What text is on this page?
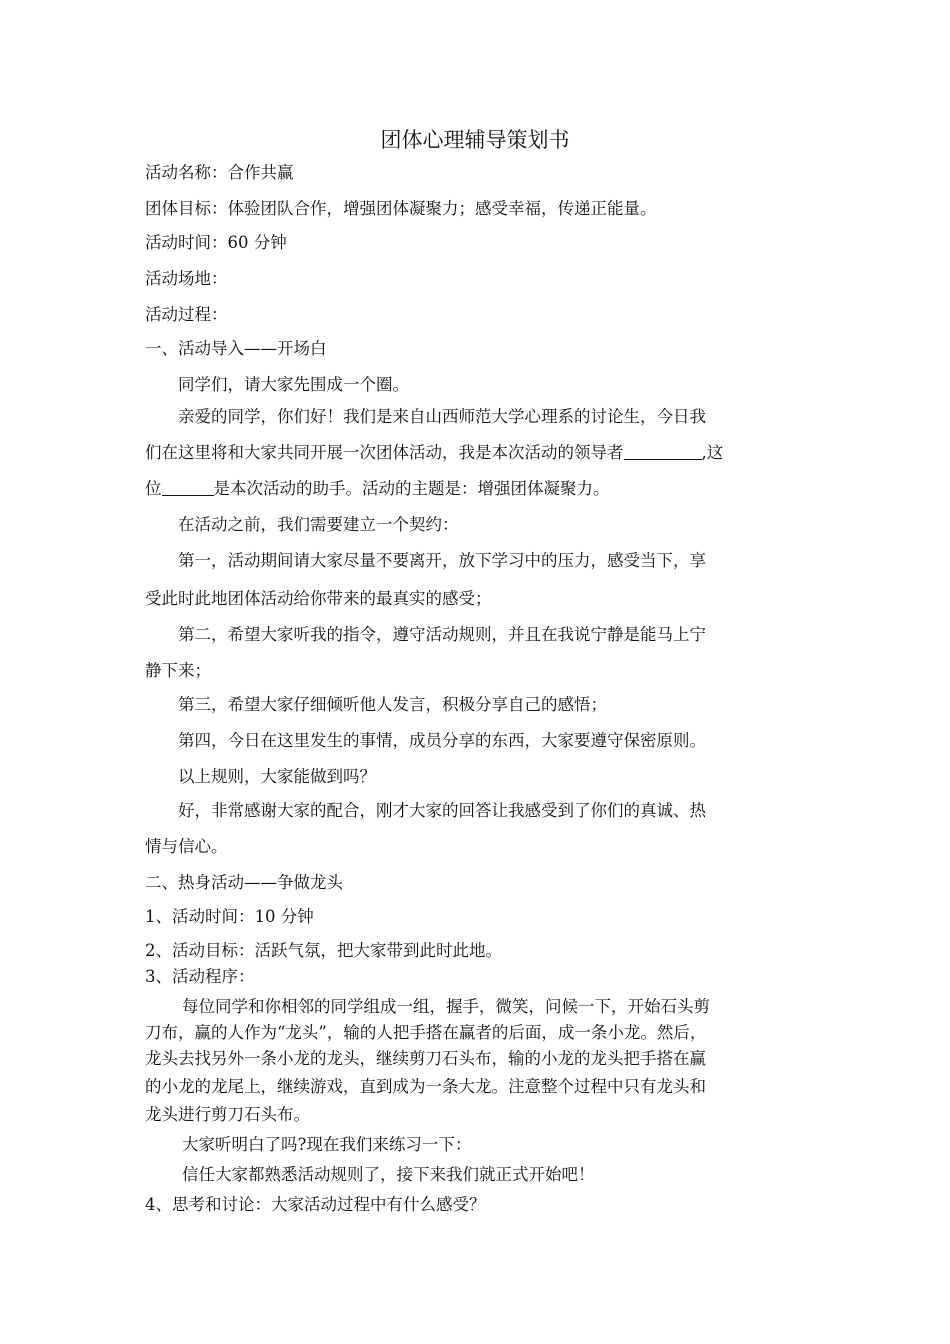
团体心理辅导策划书
活动名称：合作共赢
团体目标：体验团队合作，增强团体凝聚力；感受幸福，传递正能量。
活动时间：60 分钟
活动场地：
活动过程：
一、活动导入——开场白
同学们，请大家先围成一个圈。
亲爱的同学，你们好！我们是来自山西师范大学心理系的讨论生，今日我
们在这里将和大家共同开展一次团体活动，我是本次活动的领导者	,这
位	是本次活动的助手。活动的主题是：增强团体凝聚力。
在活动之前，我们需要建立一个契约：
第一，活动期间请大家尽量不要离开，放下学习中的压力，感受当下，享
受此时此地团体活动给你带来的最真实的感受；
第二，希望大家听我的指令，遵守活动规则，并且在我说宁静是能马上宁
静下来；
第三，希望大家仔细倾听他人发言，积极分享自己的感悟；
第四，今日在这里发生的事情，成员分享的东西，大家要遵守保密原则。
以上规则，大家能做到吗？
好，非常感谢大家的配合，刚才大家的回答让我感受到了你们的真诚、热
情与信心。
二、热身活动——争做龙头
1、活动时间：10 分钟
2、活动目标：活跃气氛，把大家带到此时此地。
3、活动程序：
每位同学和你相邻的同学组成一组，握手，微笑，问候一下，开始石头剪
刀布，赢的人作为“龙头”，输的人把手搭在赢者的后面，成一条小龙。然后，
龙头去找另外一条小龙的龙头，继续剪刀石头布，输的小龙的龙头把手搭在赢
的小龙的龙尾上，继续游戏，直到成为一条大龙。注意整个过程中只有龙头和
龙头进行剪刀石头布。
大家听明白了吗?现在我们来练习一下：
信任大家都熟悉活动规则了，接下来我们就正式开始吧！
4、思考和讨论：大家活动过程中有什么感受？
